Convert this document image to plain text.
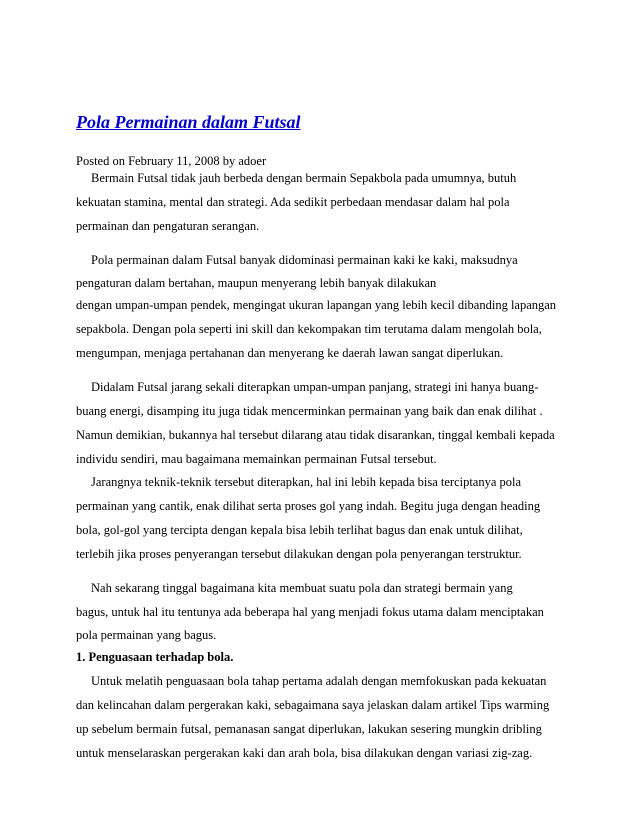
Pola Permainan dalam Futsal
Posted on February 11, 2008 by adoer
Bermain Futsal tidak jauh berbeda dengan bermain Sepakbola pada umumnya, butuh
kekuatan stamina, mental dan strategi. Ada sedikit perbedaan mendasar dalam hal pola
permainan dan pengaturan serangan.
Pola permainan dalam Futsal banyak didominasi permainan kaki ke kaki, maksudnya
pengaturan dalam bertahan, maupun menyerang lebih banyak dilakukan
dengan umpan-umpan pendek, mengingat ukuran lapangan yang lebih kecil dibanding lapangan
sepakbola. Dengan pola seperti ini skill dan kekompakan tim terutama dalam mengolah bola,
mengumpan, menjaga pertahanan dan menyerang ke daerah lawan sangat diperlukan.
Didalam Futsal jarang sekali diterapkan umpan-umpan panjang, strategi ini hanya buang-
buang energi, disamping itu juga tidak mencerminkan permainan yang baik dan enak dilihat .
Namun demikian, bukannya hal tersebut dilarang atau tidak disarankan, tinggal kembali kepada
individu sendiri, mau bagaimana memainkan permainan Futsal tersebut.
Jarangnya teknik-teknik tersebut diterapkan, hal ini lebih kepada bisa terciptanya pola
permainan yang cantik, enak dilihat serta proses gol yang indah. Begitu juga dengan heading
bola, gol-gol yang tercipta dengan kepala bisa lebih terlihat bagus dan enak untuk dilihat,
terlebih jika proses penyerangan tersebut dilakukan dengan pola penyerangan terstruktur.
Nah sekarang tinggal bagaimana kita membuat suatu pola dan strategi bermain yang
bagus, untuk hal itu tentunya ada beberapa hal yang menjadi fokus utama dalam menciptakan
pola permainan yang bagus.
1. Penguasaan terhadap bola.
Untuk melatih penguasaan bola tahap pertama adalah dengan memfokuskan pada kekuatan
dan kelincahan dalam pergerakan kaki, sebagaimana saya jelaskan dalam artikel Tips warming
up sebelum bermain futsal, pemanasan sangat diperlukan, lakukan sesering mungkin dribling
untuk menselaraskan pergerakan kaki dan arah bola, bisa dilakukan dengan variasi zig-zag.
